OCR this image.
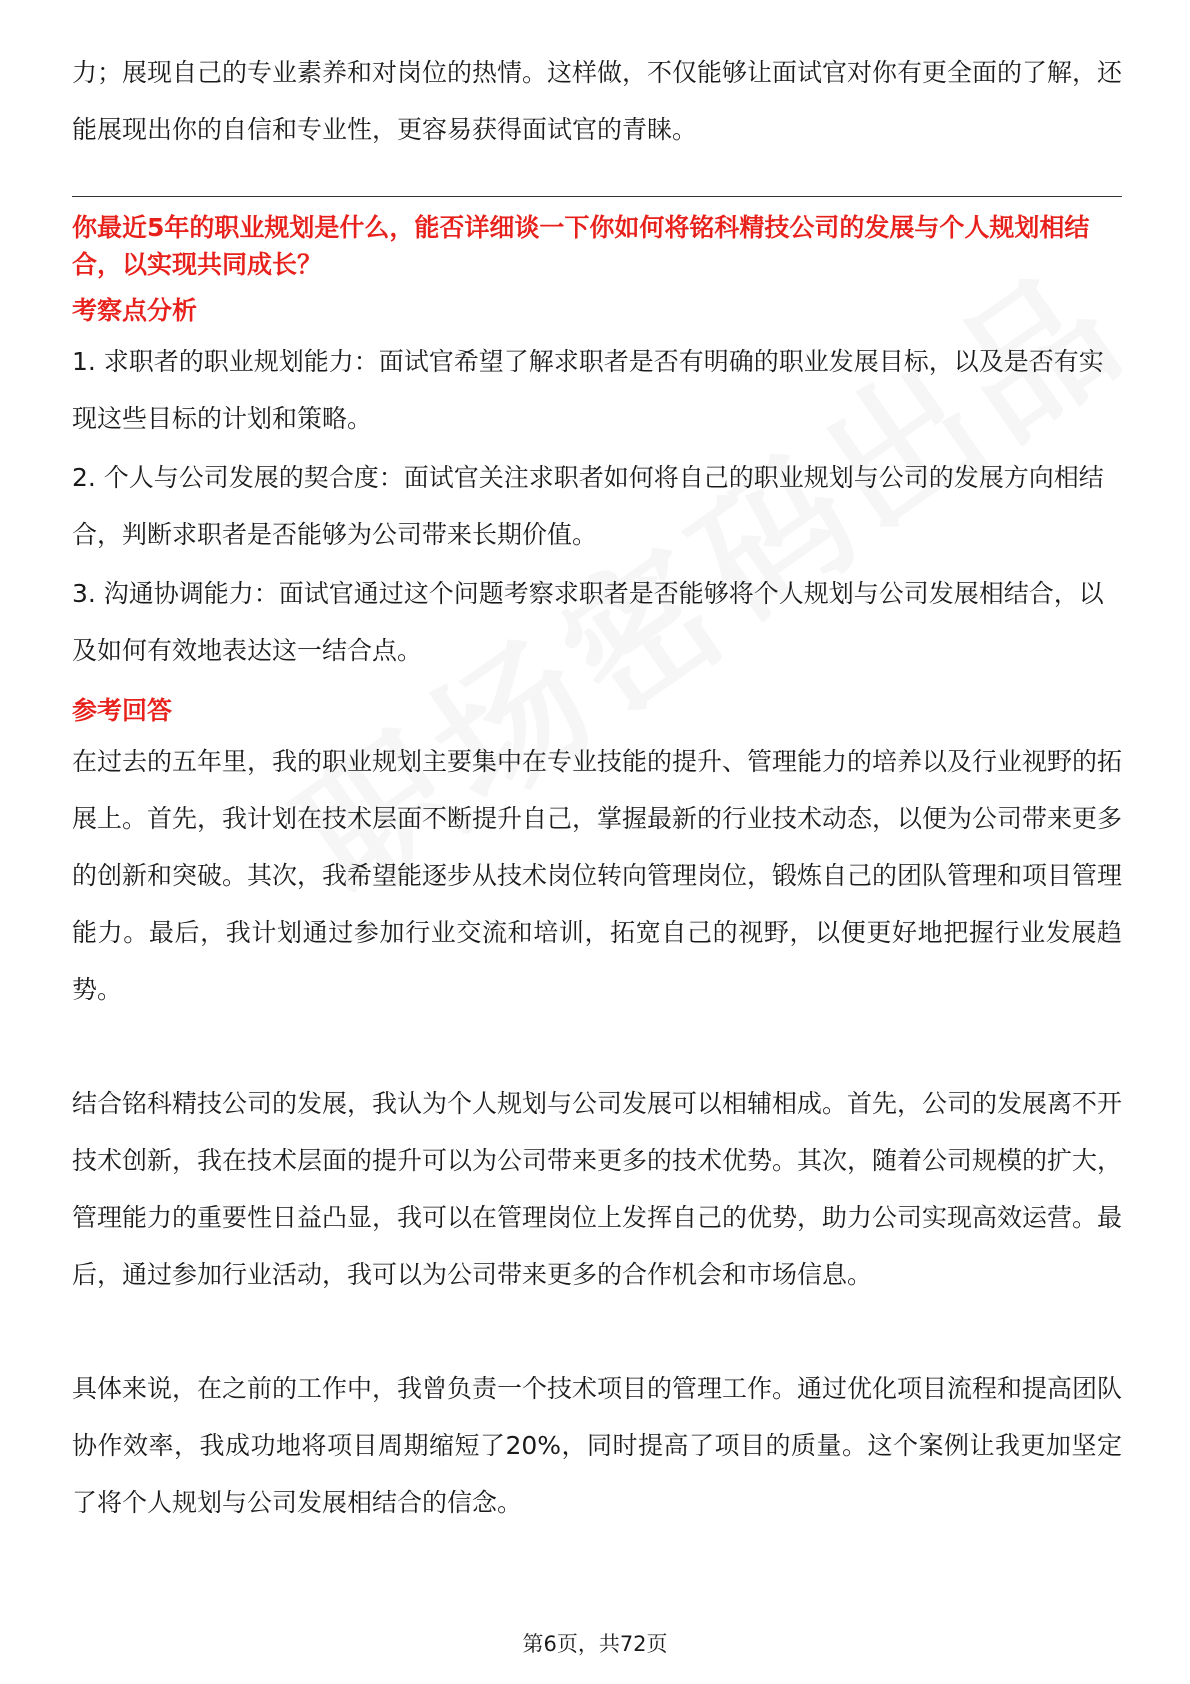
力；展现自己的专业素养和对岗位的热情。这样做，不仅能够让面试官对你有更全面的了解，还能展现出你的自信和专业性，更容易获得面试官的青睐。

你最近5年的职业规划是什么，能否详细谈一下你如何将铭科精技公司的发展与个人规划相结合，以实现共同成长？

考察点分析

1. 求职者的职业规划能力：面试官希望了解求职者是否有明确的职业发展目标，以及是否有实现这些目标的计划和策略。
2. 个人与公司发展的契合度：面试官关注求职者如何将自己的职业规划与公司的发展方向相结合，判断求职者是否能够为公司带来长期价值。
3. 沟通协调能力：面试官通过这个问题考察求职者是否能够将个人规划与公司发展相结合，以及如何有效地表达这一结合点。

参考回答

在过去的五年里，我的职业规划主要集中在专业技能的提升、管理能力的培养以及行业视野的拓展上。首先，我计划在技术层面不断提升自己，掌握最新的行业技术动态，以便为公司带来更多的创新和突破。其次，我希望能逐步从技术岗位转向管理岗位，锻炼自己的团队管理和项目管理能力。最后，我计划通过参加行业交流和培训，拓宽自己的视野，以便更好地把握行业发展趋势。

结合铭科精技公司的发展，我认为个人规划与公司发展可以相辅相成。首先，公司的发展离不开技术创新，我在技术层面的提升可以为公司带来更多的技术优势。其次，随着公司规模的扩大，管理能力的重要性日益凸显，我可以在管理岗位上发挥自己的优势，助力公司实现高效运营。最后，通过参加行业活动，我可以为公司带来更多的合作机会和市场信息。

具体来说，在之前的工作中，我曾负责一个技术项目的管理工作。通过优化项目流程和提高团队协作效率，我成功地将项目周期缩短了20%，同时提高了项目的质量。这个案例让我更加坚定了将个人规划与公司发展相结合的信念。

第6页，共72页
